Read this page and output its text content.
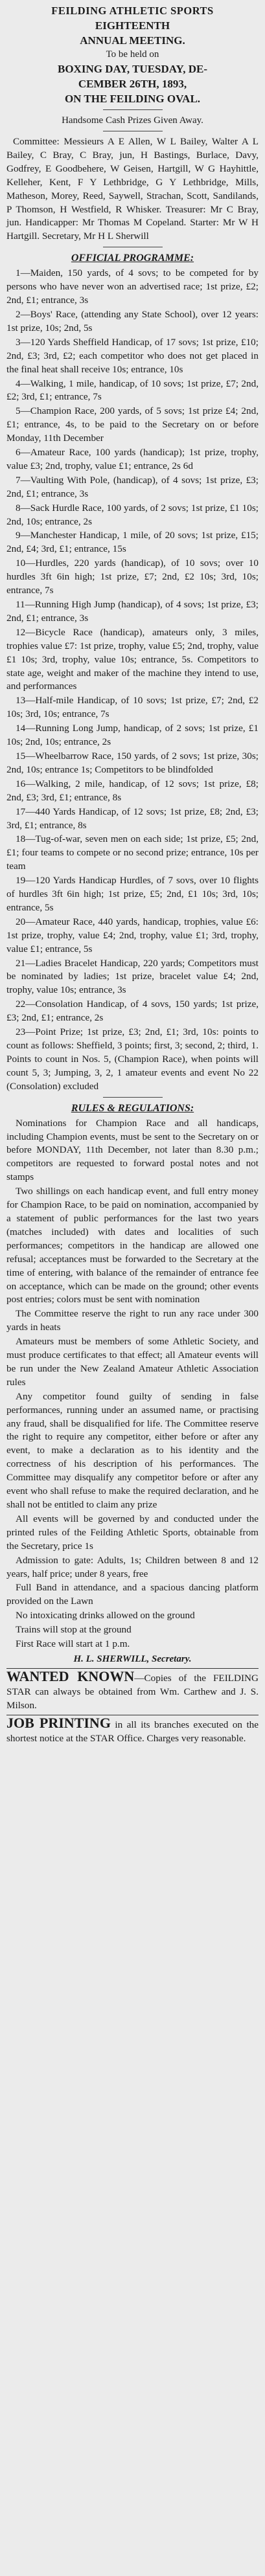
FEILDING ATHLETIC SPORTS

EIGHTEENTH

ANNUAL MEETING.

To be held on

BOXING DAY, TUESDAY, DE-

CEMBER 26TH, 1893,

ON THE FEILDING OVAL.

Handsome Cash Prizes Given Away.

Committee: Messieurs A E Allen, W L Bailey, Walter A L Bailey, C Bray, C Bray, jun, H Bastings, Burlace, Davy, Godfrey, E Goodbehere, W Geisen, Hartgill, W G Hayhittle, Kelleher, Kent, F Y Lethbridge, G Y Lethbridge, Mills, Matheson, Morey, Reed, Saywell, Strachan, Scott, Sandilands, P Thomson, H Westfield, R Whisker. Treasurer: Mr C Bray, jun. Handicapper: Mr Thomas M Copeland. Starter: Mr W H Hartgill. Secretary, Mr H L Sherwill

OFFICIAL PROGRAMME:

1—Maiden, 150 yards, of 4 sovs; to be competed for by persons who have never won an advertised race; 1st prize, £2; 2nd, £1; entrance, 3s

2—Boys' Race, (attending any State School), over 12 years: 1st prize, 10s; 2nd, 5s

3—120 Yards Sheffield Handicap, of 17 sovs; 1st prize, £10; 2nd, £3; 3rd, £2; each competitor who does not get placed in the final heat shall receive 10s; entrance, 10s

4—Walking, 1 mile, handicap, of 10 sovs; 1st prize, £7; 2nd, £2; 3rd, £1; entrance, 7s

5—Champion Race, 200 yards, of 5 sovs; 1st prize £4; 2nd, £1; entrance, 4s, to be paid to the Secretary on or before Monday, 11th December

6—Amateur Race, 100 yards (handicap); 1st prize, trophy, value £3; 2nd, trophy, value £1; entrance, 2s 6d

7—Vaulting With Pole, (handicap), of 4 sovs; 1st prize, £3; 2nd, £1; entrance, 3s

8—Sack Hurdle Race, 100 yards, of 2 sovs; 1st prize, £1 10s; 2nd, 10s; entrance, 2s

9—Manchester Handicap, 1 mile, of 20 sovs; 1st prize, £15; 2nd, £4; 3rd, £1; entrance, 15s

10—Hurdles, 220 yards (handicap), of 10 sovs; over 10 hurdles 3ft 6in high; 1st prize, £7; 2nd, £2 10s; 3rd, 10s; entrance, 7s

11—Running High Jump (handicap), of 4 sovs; 1st prize, £3; 2nd, £1; entrance, 3s

12—Bicycle Race (handicap), amateurs only, 3 miles, trophies value £7: 1st prize, trophy, value £5; 2nd, trophy, value £1 10s; 3rd, trophy, value 10s; entrance, 5s. Competitors to state age, weight and maker of the machine they intend to use, and performances

13—Half-mile Handicap, of 10 sovs; 1st prize, £7; 2nd, £2 10s; 3rd, 10s; entrance, 7s

14—Running Long Jump, handicap, of 2 sovs; 1st prize, £1 10s; 2nd, 10s; entrance, 2s

15—Wheelbarrow Race, 150 yards, of 2 sovs; 1st prize, 30s; 2nd, 10s; entrance 1s; Competitors to be blindfolded

16—Walking, 2 mile, handicap, of 12 sovs; 1st prize, £8; 2nd, £3; 3rd, £1; entrance, 8s

17—440 Yards Handicap, of 12 sovs; 1st prize, £8; 2nd, £3; 3rd, £1; entrance, 8s

18—Tug-of-war, seven men on each side; 1st prize, £5; 2nd, £1; four teams to compete or no second prize; entrance, 10s per team

19—120 Yards Handicap Hurdles, of 7 sovs, over 10 flights of hurdles 3ft 6in high; 1st prize, £5; 2nd, £1 10s; 3rd, 10s; entrance, 5s

20—Amateur Race, 440 yards, handicap, trophies, value £6: 1st prize, trophy, value £4; 2nd, trophy, value £1; 3rd, trophy, value £1; entrance, 5s

21—Ladies Bracelet Handicap, 220 yards; Competitors must be nominated by ladies; 1st prize, bracelet value £4; 2nd, trophy, value 10s; entrance, 3s

22—Consolation Handicap, of 4 sovs, 150 yards; 1st prize, £3; 2nd, £1; entrance, 2s

23—Point Prize; 1st prize, £3; 2nd, £1; 3rd, 10s: points to count as follows: Sheffield, 3 points; first, 3; second, 2; third, 1. Points to count in Nos. 5, (Champion Race), when points will count 5, 3; Jumping, 3, 2, 1 amateur events and event No 22 (Consolation) excluded

RULES & REGULATIONS:

Nominations for Champion Race and all handicaps, including Champion events, must be sent to the Secretary on or before MONDAY, 11th December, not later than 8.30 p.m.; competitors are requested to forward postal notes and not stamps

Two shillings on each handicap event, and full entry money for Champion Race, to be paid on nomination, accompanied by a statement of public performances for the last two years (matches included) with dates and localities of such performances; competitors in the handicap are allowed one refusal; acceptances must be forwarded to the Secretary at the time of entering, with balance of the remainder of entrance fee on acceptance, which can be made on the ground; other events post entries; colors must be sent with nomination

The Committee reserve the right to run any race under 300 yards in heats

Amateurs must be members of some Athletic Society, and must produce certificates to that effect; all Amateur events will be run under the New Zealand Amateur Athletic Association rules

Any competitor found guilty of sending in false performances, running under an assumed name, or practising any fraud, shall be disqualified for life. The Committee reserve the right to require any competitor, either before or after any event, to make a declaration as to his identity and the correctness of his description of his performances. The Committee may disqualify any competitor before or after any event who shall refuse to make the required declaration, and he shall not be entitled to claim any prize

All events will be governed by and conducted under the printed rules of the Feilding Athletic Sports, obtainable from the Secretary, price 1s

Admission to gate: Adults, 1s; Children between 8 and 12 years, half price; under 8 years, free

Full Band in attendance, and a spacious dancing platform provided on the Lawn

No intoxicating drinks allowed on the ground

Trains will stop at the ground

First Race will start at 1 p.m.

H. L. SHERWILL, Secretary.

WANTED KNOWN—Copies of the FEILDING STAR can always be obtained from Wm. Carthew and J. S. Milson.
JOB PRINTING in all its branches executed on the shortest notice at the STAR Office. Charges very reasonable.
